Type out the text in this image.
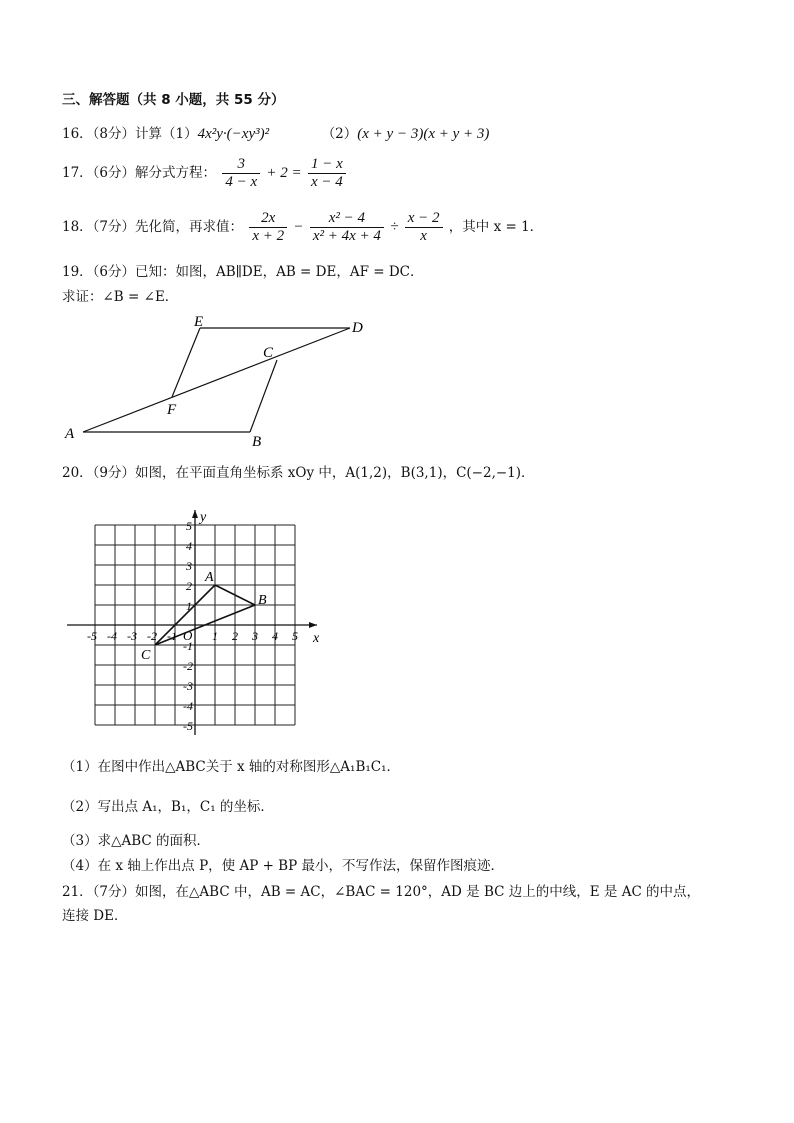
三、解答题（共 8 小题，共 55 分）
16．（8分）计算（1）4x²y·(−xy³)²	（2）(x + y − 3)(x + y + 3)
17．（6分）解分式方程： $\frac{3}{4 - x} + 2 = \frac{1 - x}{x - 4}$
18．（7分）先化简，再求值： $\frac{2x}{x + 2} - \frac{\text{x² − 4}}{\text{x² + 4x + 4}} \div \frac{x - 2}{x}$ ，其中 x = 1．
19．（6分）已知：如图，AB∥DE，AB = DE，AF = DC．
求证：∠B = ∠E．
A	B
C
D
E
F
20．（9分）如图，在平面直角坐标系 xOy 中，A(1,2)，B(3,1)，C(−2,−1)．
-5 -4 -3 -2 -1	1 2 3 4 5
5
4
3
2
1
-1
-2
-3
-4
-5
x
y
O
A
B
C
（1）在图中作出△ABC关于 x 轴的对称图形△A₁B₁C₁．
（2）写出点 A₁，B₁，C₁ 的坐标．
（3）求△ABC 的面积．
（4）在 x 轴上作出点 P，使 AP + BP 最小，不写作法，保留作图痕迹．
21．（7分）如图，在△ABC 中，AB = AC，∠BAC = 120°，AD 是 BC 边上的中线，E 是 AC 的中点，
连接 DE．
